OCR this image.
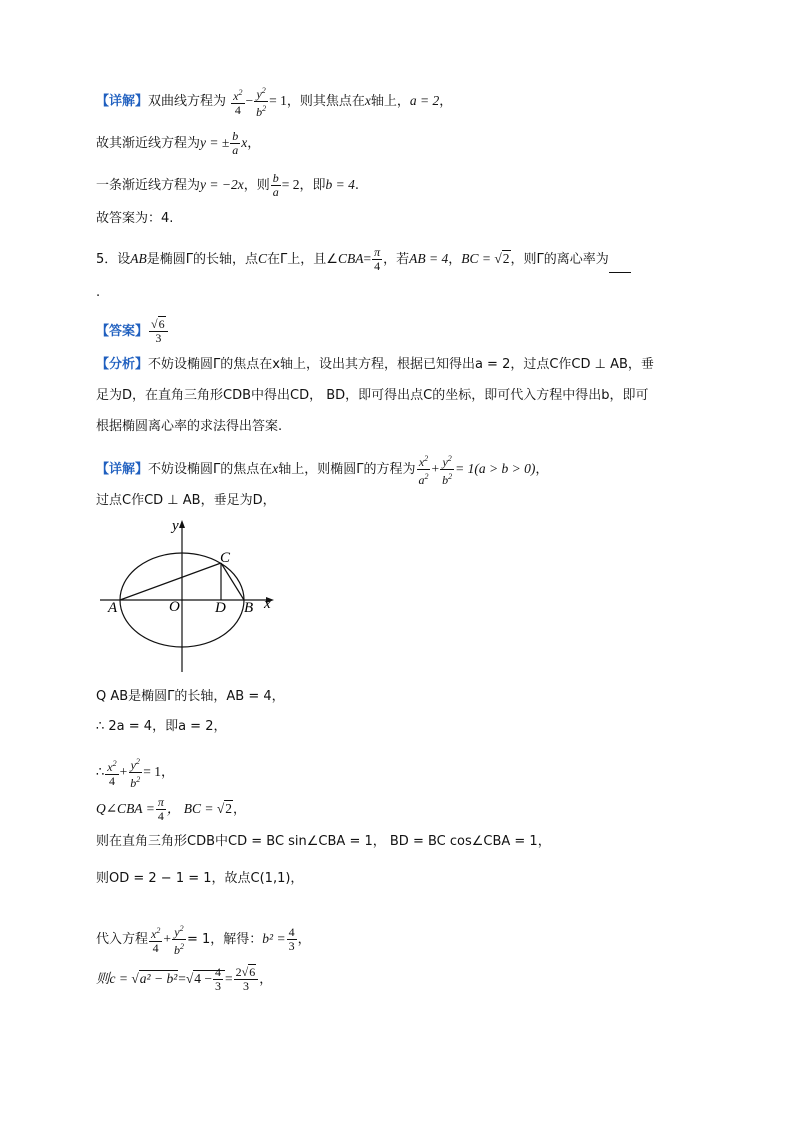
【详解】双曲线方程为 $\frac{x^2}{4} - \frac{y^2}{b^2} = 1$，则其焦点在x轴上，a = 2，
故其渐近线方程为y = ± $\frac{b}{a}$ x，
一条渐近线方程为y = −2x，则 $\frac{b}{a} = 2$，即b = 4.
故答案为：4.
5．设AB是椭圆Γ的长轴，点C在Γ上，且∠CBA= $\frac{\pi}{4}$ ，若AB = 4，BC = √2，则Γ的离心率为
.
【答案】 $\frac{√6}{3}$
【分析】不妨设椭圆Γ的焦点在x轴上，设出其方程，根据已知得出a = 2，过点C作CD ⊥ AB，垂
足为D，在直角三角形CDB中得出CD， BD，即可得出点C的坐标，即可代入方程中得出b，即可
根据椭圆离心率的求法得出答案.
【详解】不妨设椭圆Γ的焦点在x轴上，则椭圆Γ的方程为 $\frac{x^2}{a^2} + \frac{y^2}{b^2} = 1(a > b > 0)$，
过点C作CD ⊥ AB，垂足为D，
y
x
A	O D B
C
Q AB是椭圆Γ的长轴，AB = 4，
∴ 2a = 4，即a = 2，
∴ $\frac{x^2}{4} + \frac{y^2}{b^2} = 1$，
Q∠CBA = $\frac{\pi}{4}$ ， BC = √2，
则在直角三角形CDB中CD = BC sin∠CBA = 1， BD = BC cos∠CBA = 1，
则OD = 2 − 1 = 1，故点C(1,1)，
代入方程 $\frac{x^2}{4} + \frac{y^2}{b^2} = 1$，解得：$b^2 = \frac{4}{3}$ ，
则$c = √a^2 - b^2=√4 - \frac{4}{3} = \frac{2√6}{3}$ ，
